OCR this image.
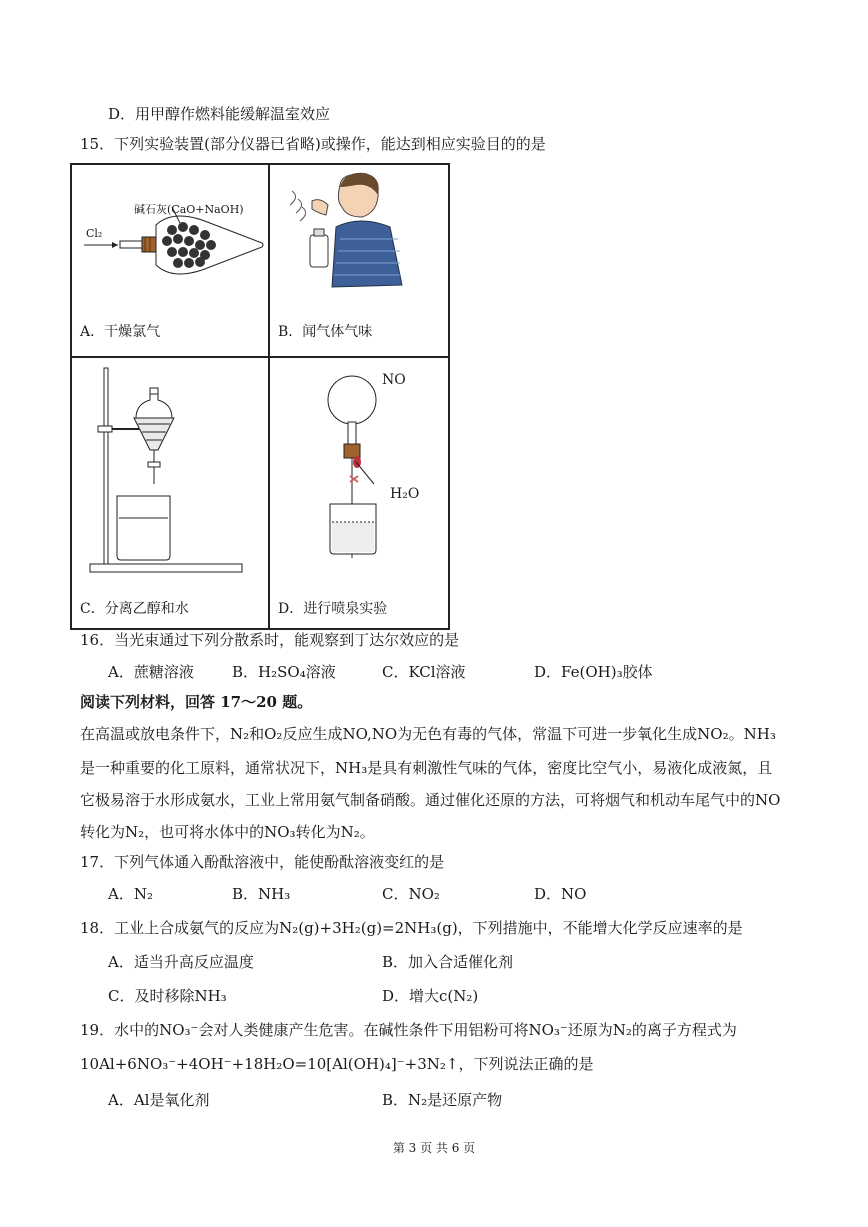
D．用甲醇作燃料能缓解温室效应
15．下列实验装置(部分仪器已省略)或操作，能达到相应实验目的的是
碱石灰(CaO+NaOH)
Cl₂
A．干燥氯气	B．闻气体气味
C．分离乙醇和水
NO
H₂O
D．进行喷泉实验
16．当光束通过下列分散系时，能观察到丁达尔效应的是
A．蔗糖溶液	B．H₂SO₄溶液	C．KCl溶液	D．Fe(OH)₃胶体
阅读下列材料，回答 17～20 题。
在高温或放电条件下，N₂和O₂反应生成NO,NO为无色有毒的气体，常温下可进一步氧化生成NO₂。NH₃
是一种重要的化工原料，通常状况下，NH₃是具有刺激性气味的气体，密度比空气小，易液化成液氮，且
它极易溶于水形成氨水，工业上常用氨气制备硝酸。通过催化还原的方法，可将烟气和机动车尾气中的NO
转化为N₂，也可将水体中的NO₃转化为N₂。
17．下列气体通入酚酞溶液中，能使酚酞溶液变红的是
A．N₂	B．NH₃	C．NO₂	D．NO
18．工业上合成氨气的反应为N₂(g)+3H₂(g)=2NH₃(g)，下列措施中，不能增大化学反应速率的是
A．适当升高反应温度	B．加入合适催化剂
C．及时移除NH₃	D．增大c(N₂)
19．水中的NO₃⁻会对人类健康产生危害。在碱性条件下用铝粉可将NO₃⁻还原为N₂的离子方程式为
10Al+6NO₃⁻+4OH⁻+18H₂O=10[Al(OH)₄]⁻+3N₂↑，下列说法正确的是
A．Al是氧化剂	B．N₂是还原产物
第 3 页 共 6 页
